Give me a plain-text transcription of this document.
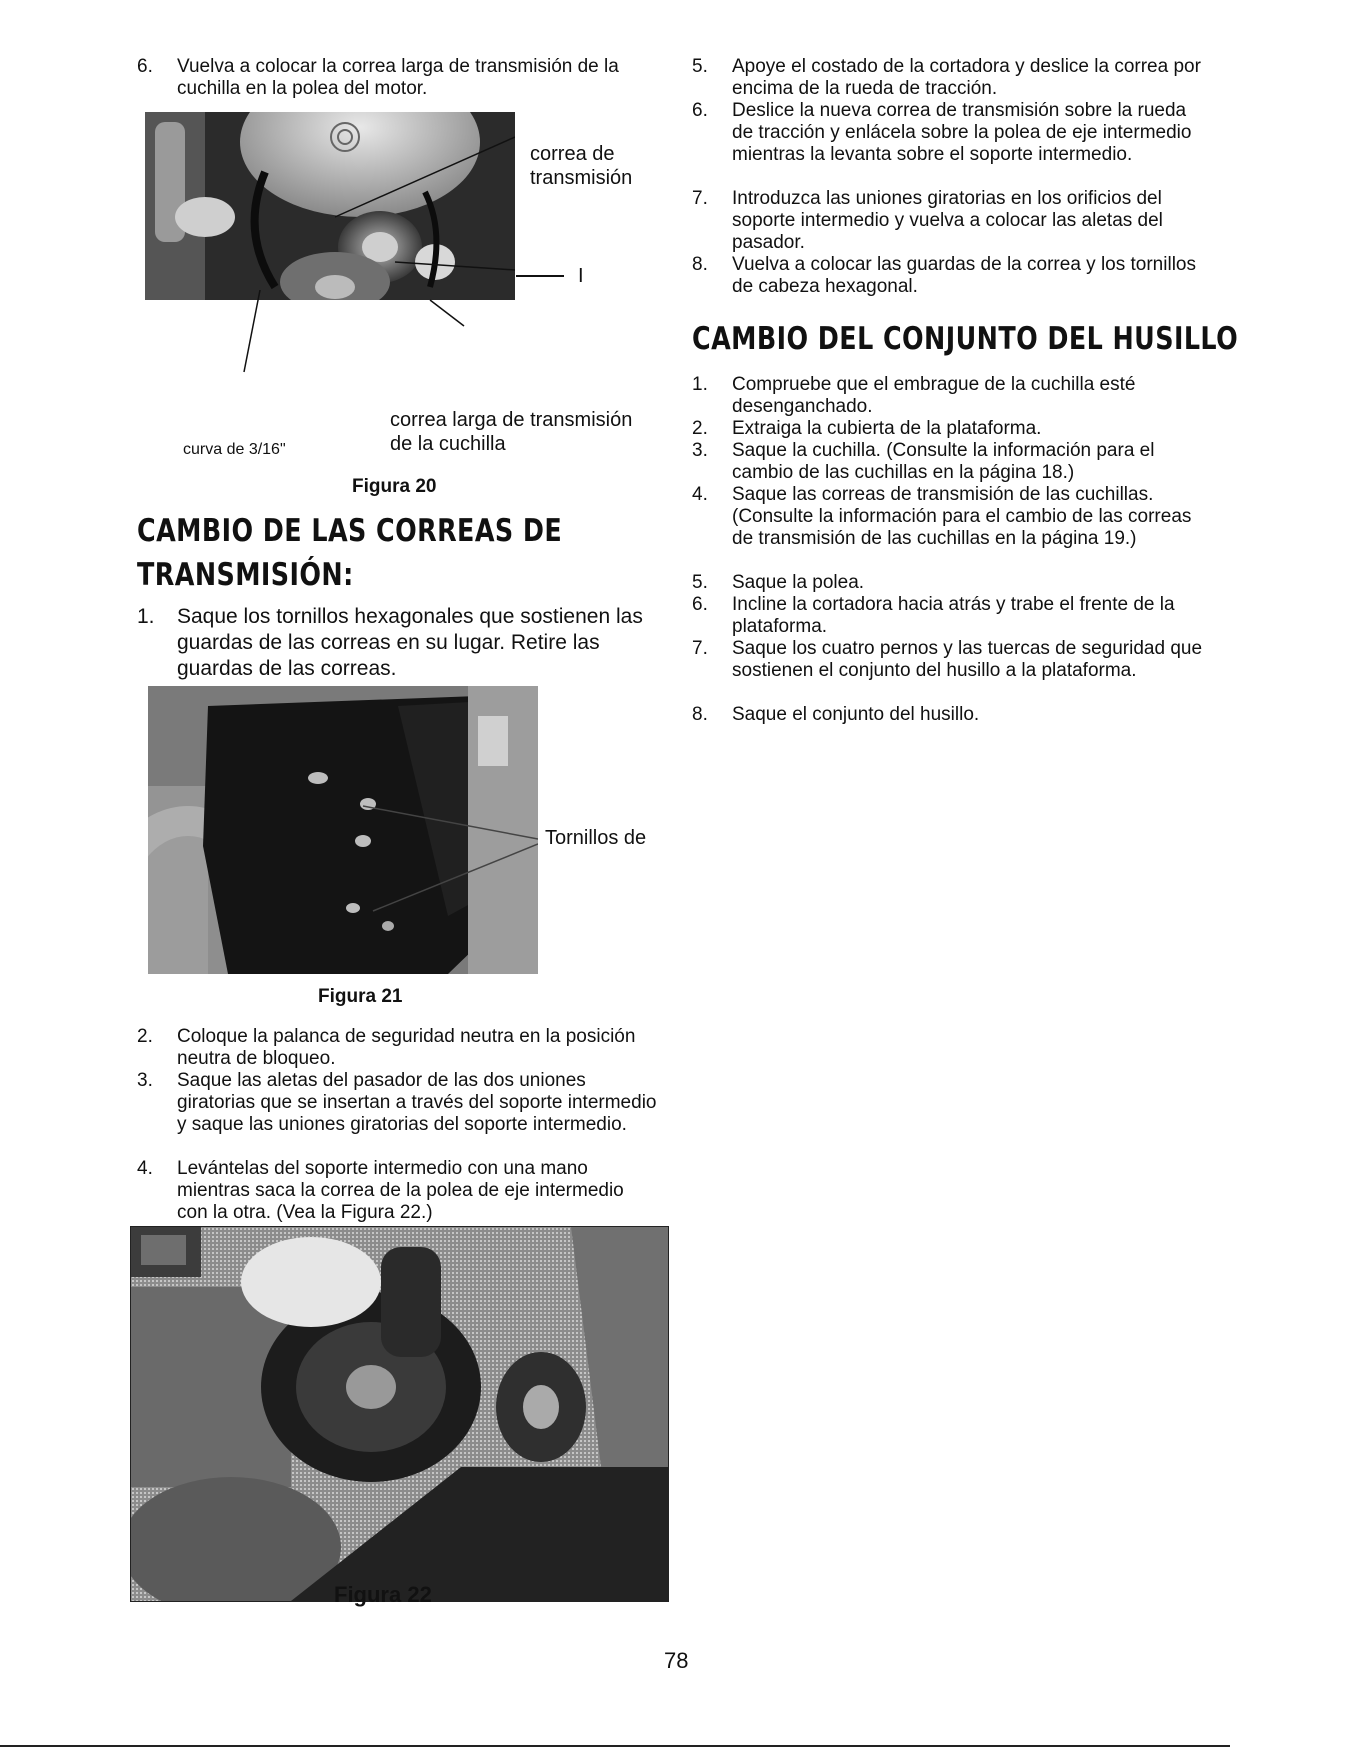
6. Vuelva a colocar la correa larga de transmisión de la cuchilla en la polea del motor.
correa de
transmisión
I
correa larga de transmisión
de la cuchilla
curva de 3/16"
Figura 20
CAMBIO DE LAS CORREAS DE
TRANSMISIÓN:
1. Saque los tornillos hexagonales que sostienen las guardas de las correas en su lugar. Retire las guardas de las correas.
Tornillos de
Figura 21
2. Coloque la palanca de seguridad neutra en la posición neutra de bloqueo.
3. Saque las aletas del pasador de las dos uniones giratorias que se insertan a través del soporte intermedio y saque las uniones giratorias del soporte intermedio.
4. Levántelas del soporte intermedio con una mano mientras saca la correa de la polea de eje intermedio con la otra. (Vea la Figura 22.)
Figura 22
5. Apoye el costado de la cortadora y deslice la correa por encima de la rueda de tracción.
6. Deslice la nueva correa de transmisión sobre la rueda de tracción y enlácela sobre la polea de eje intermedio mientras la levanta sobre el soporte intermedio.
7. Introduzca las uniones giratorias en los orificios del soporte intermedio y vuelva a colocar las aletas del pasador.
8. Vuelva a colocar las guardas de la correa y los tornillos de cabeza hexagonal.
CAMBIO DEL CONJUNTO DEL HUSILLO
1. Compruebe que el embrague de la cuchilla esté desenganchado.
2. Extraiga la cubierta de la plataforma.
3. Saque la cuchilla. (Consulte la información para el cambio de las cuchillas en la página 18.)
4. Saque las correas de transmisión de las cuchillas. (Consulte la información para el cambio de las correas de transmisión de las cuchillas en la página 19.)
5. Saque la polea.
6. Incline la cortadora hacia atrás y trabe el frente de la plataforma.
7. Saque los cuatro pernos y las tuercas de seguridad que sostienen el conjunto del husillo a la plataforma.
8. Saque el conjunto del husillo.
78
